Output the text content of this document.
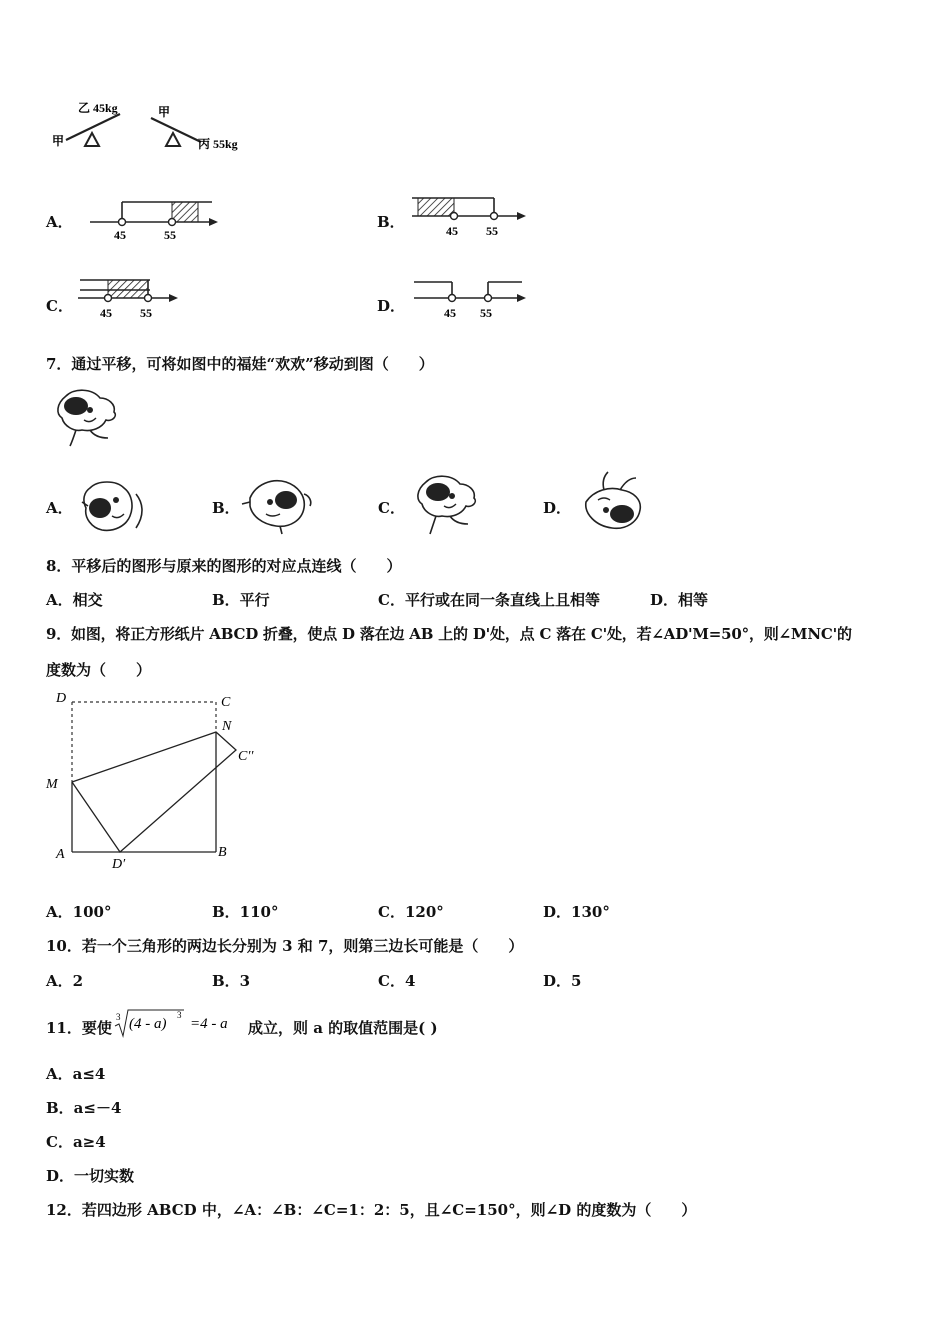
乙 45kg
甲
甲
丙 55kg
A．
45	55
B．	45 55
C． 45 55	D．	45 55
7．通过平移，可将如图中的福娃“欢欢”移动到图（　　）
A．	B．	C．	D．
8．平移后的图形与原来的图形的对应点连线（　　）
A．相交	B．平行	C．平行或在同一条直线上且相等	D．相等
9．如图，将正方形纸片 ABCD 折叠，使点 D 落在边 AB 上的 D'处，点 C 落在 C'处，若∠AD'M=50°，则∠MNC'的
度数为（　　）
D	C
N
C′′
M
A
D′
B
A．100°	B．110°	C．120°	D．130°
10．若一个三角形的两边长分别为 3 和 7，则第三边长可能是（　　）
A．2	B．3	C．4	D．5
11．要使
3 (4 - a)
3
=4 - a 成立，则 a 的取值范围是( )
A．a≤4
B．a≤－4
C．a≥4
D．一切实数
12．若四边形 ABCD 中，∠A：∠B：∠C=1：2：5，且∠C=150°，则∠D 的度数为（　　）
